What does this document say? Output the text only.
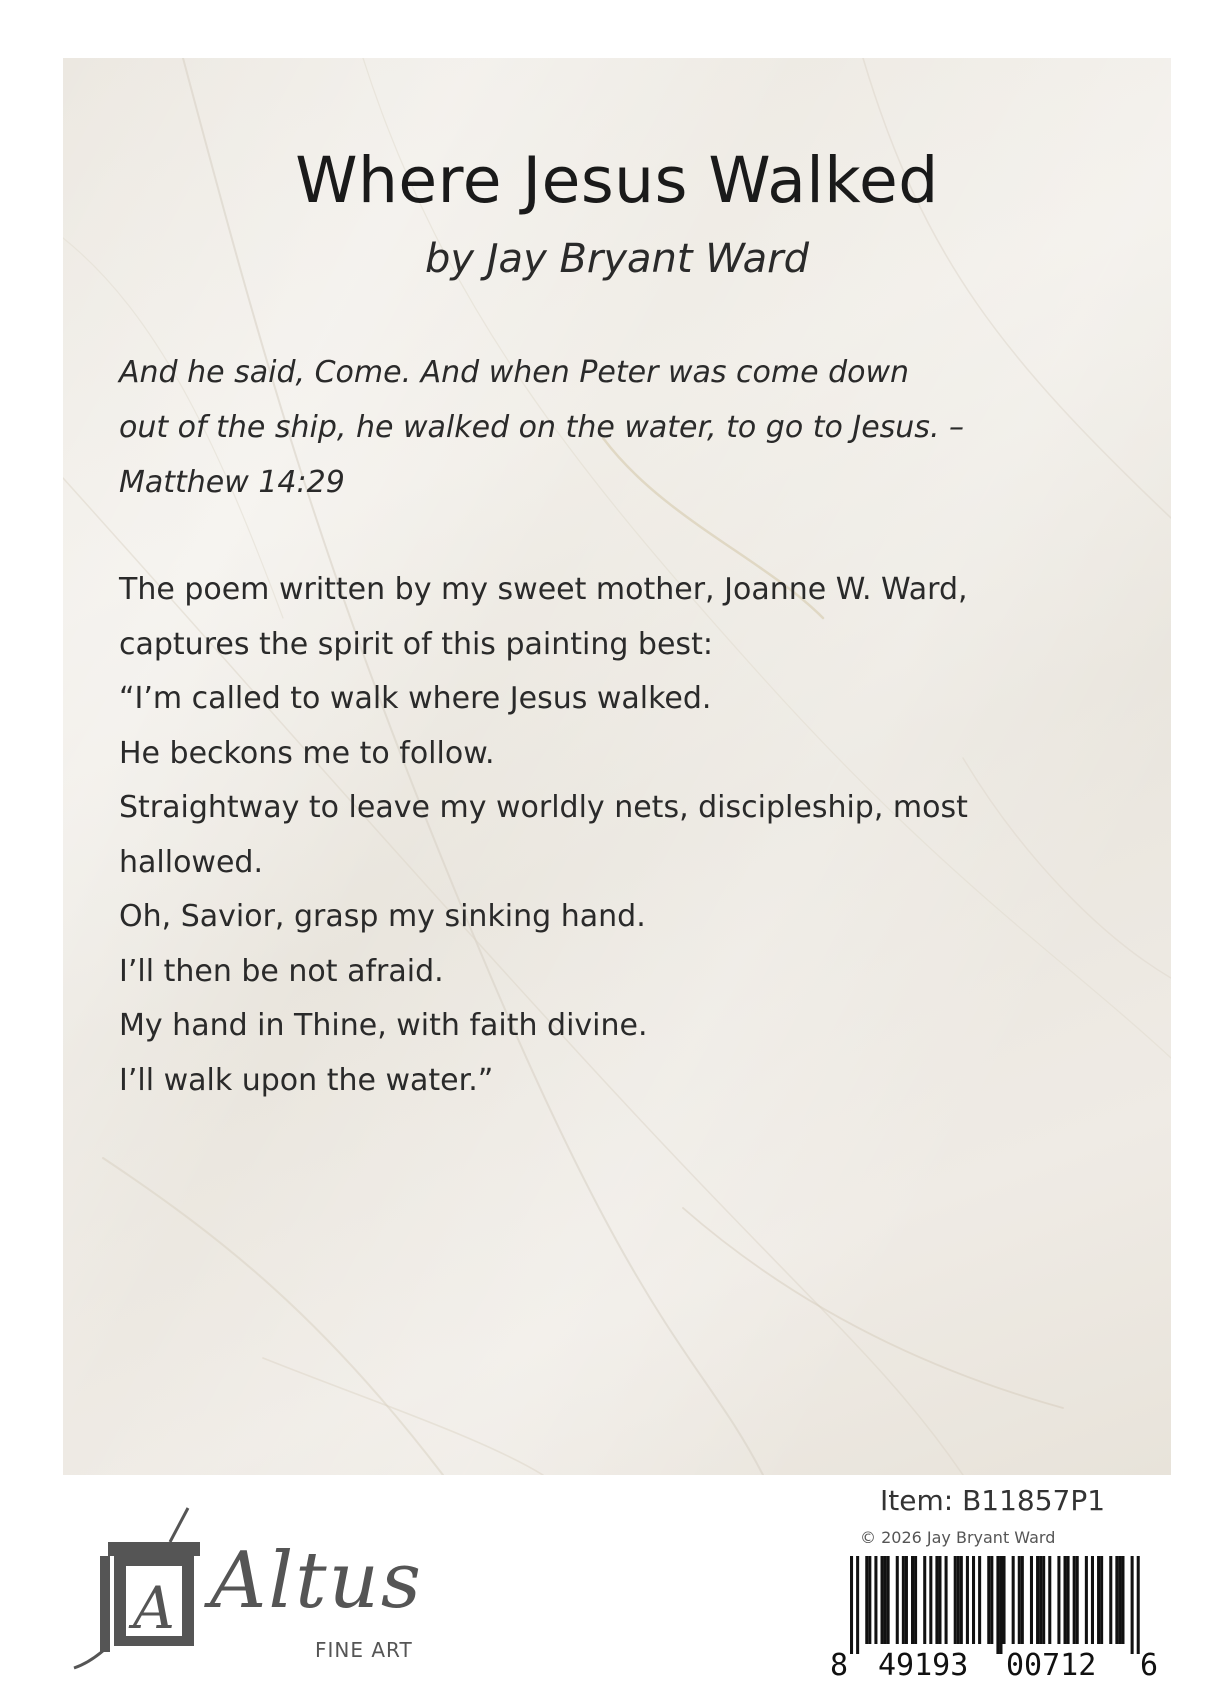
Where Jesus Walked
by Jay Bryant Ward
And he said, Come. And when Peter was come down
out of the ship, he walked on the water, to go to Jesus. –
Matthew 14:29
The poem written by my sweet mother, Joanne W. Ward,
captures the spirit of this painting best:
“I’m called to walk where Jesus walked.
He beckons me to follow.
Straightway to leave my worldly nets, discipleship, most
hallowed.
Oh, Savior, grasp my sinking hand.
I’ll then be not afraid.
My hand in Thine, with faith divine.
I’ll walk upon the water.”
A Altus
FINE ART
Item: B11857P1
© 2026 Jay Bryant Ward
8 49193 00712 6
